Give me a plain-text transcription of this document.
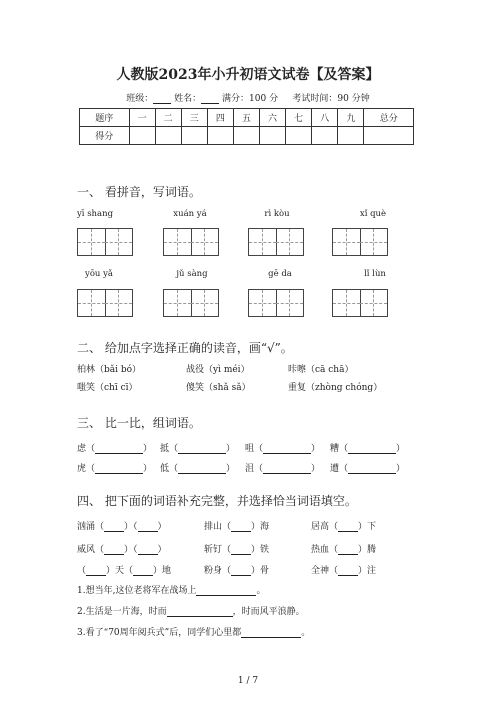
人教版2023年小升初语文试卷【及答案】
班级： 姓名： 满分：100 分 考试时间：90 分钟
题序	一	二	三	四	五	六	七	八	九	总分
得分										
一、 看拼音，写词语。
yī shang	xuán yá	rì kòu	xǐ què
yōu yǎ	jǔ sàng	gē da	lǐ lùn
二、 给加点字选择正确的读音，画“√”。
柏林（bǎi bó）	战役（yì méi）	咔嚓（cā chā）
嗤笑（chī cī）	傻笑（shǎ sǎ）	重复（zhòng chóng）
三、 比一比，组词语。
虑（	） 抵（	） 咀（	） 糟（	）
虎（	） 低（	） 沮（	） 遭（	）
四、 把下面的词语补充完整，并选择恰当词语填空。
汹涌（ ）（ ）	排山（ ）海	居高（ ）下
威风（ ）（ ）	斩钉（ ）铁	热血（ ）腾
（ ）天（ ）地	粉身（ ）骨	全神（ ）注
1.想当年,这位老将军在战场上	。
2.生活是一片海，时而	，时而风平浪静。
3.看了“70周年阅兵式”后，同学们心里都	。
1 / 7
